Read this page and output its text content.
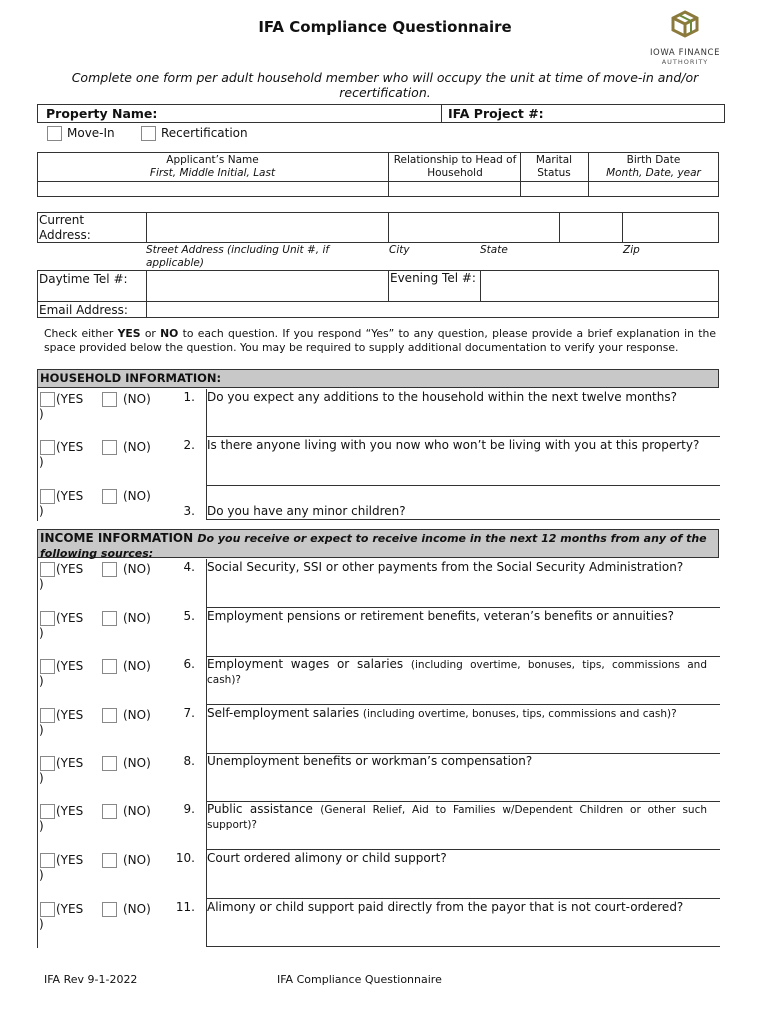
IFA Compliance Questionnaire
IOWA FINANCE
AUTHORITY
Complete one form per adult household member who will occupy the unit at time of move-in and/or recertification.
Property Name:	IFA Project #:
Move-In	Recertification
Applicant’s Name
First, Middle Initial, Last
Relationship to Head of Household
Marital Status
Birth Date
Month, Date, year
Current Address:
Street Address (including Unit #, if applicable)
City	State	Zip
Daytime Tel #:	Evening Tel #:
Email Address:
Check either YES or NO to each question. If you respond “Yes” to any question, please provide a brief explanation in the space provided below the question. You may be required to supply additional documentation to verify your response.
HOUSEHOLD INFORMATION:
(YES
)
(NO)	1. Do you expect any additions to the household within the next twelve months?
(YES
)
(NO)	2. Is there anyone living with you now who won’t be living with you at this property?
(YES
)
(NO)
3. Do you have any minor children?
INCOME INFORMATION Do you receive or expect to receive income in the next 12 months from any of the following sources:
(YES
)
(NO)	4. Social Security, SSI or other payments from the Social Security Administration?
(YES
)
(NO)	5. Employment pensions or retirement benefits, veteran’s benefits or annuities?
(YES
)
(NO)	6. Employment wages or salaries (including overtime, bonuses, tips, commissions and cash)?
(YES
)
(NO)	7. Self-employment salaries (including overtime, bonuses, tips, commissions and cash)?
(YES
)
(NO)	8. Unemployment benefits or workman’s compensation?
(YES
)
(NO)	9. Public assistance (General Relief, Aid to Families w/Dependent Children or other such support)?
(YES
)
(NO)	10. Court ordered alimony or child support?
(YES
)
(NO)	11. Alimony or child support paid directly from the payor that is not court-ordered?
IFA Rev 9-1-2022	IFA Compliance Questionnaire
